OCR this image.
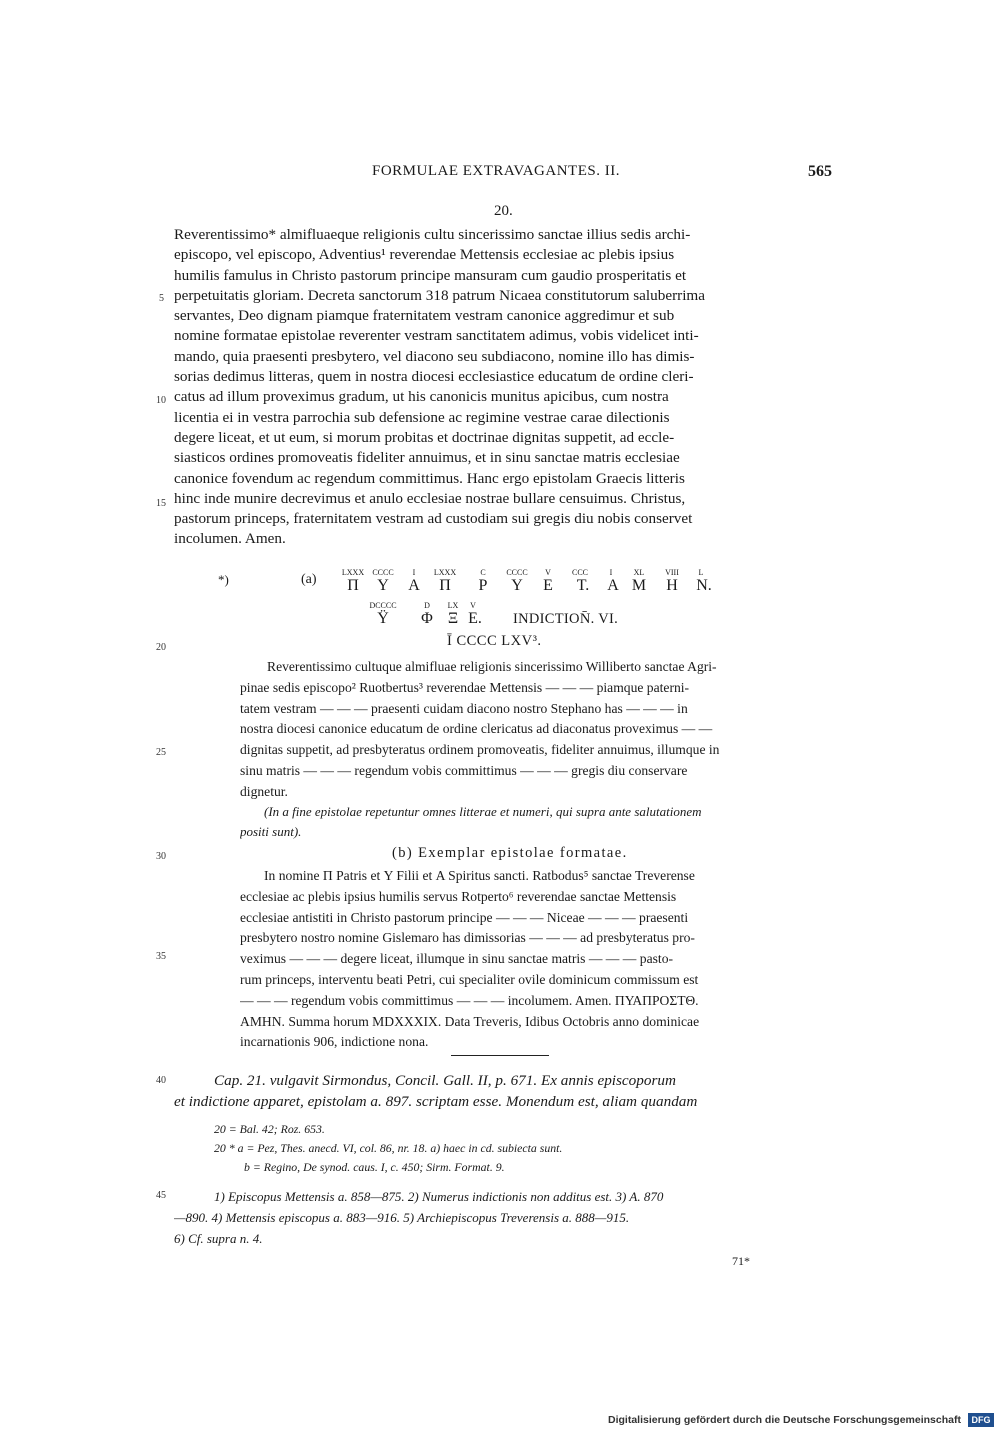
FORMULAE EXTRAVAGANTES. II.	565
20.
Reverentissimo* almifluaeque religionis cultu sincerissimo sanctae illius sedis archi-
episcopo, vel episcopo, Adventius¹ reverendae Mettensis ecclesiae ac plebis ipsius
humilis famulus in Christo pastorum principe mansuram cum gaudio prosperitatis et
perpetuitatis gloriam. Decreta sanctorum 318 patrum Nicaea constitutorum saluberrima
servantes, Deo dignam piamque fraternitatem vestram canonice aggredimur et sub
nomine formatae epistolae reverenter vestram sanctitatem adimus, vobis videlicet inti-
mando, quia praesenti presbytero, vel diacono seu subdiacono, nomine illo has dimis-
sorias dedimus litteras, quem in nostra diocesi ecclesiastice educatum de ordine cleri-
catus ad illum proveximus gradum, ut his canonicis munitus apicibus, cum nostra
licentia ei in vestra parrochia sub defensione ac regimine vestrae carae dilectionis
degere liceat, et ut eum, si morum probitas et doctrinae dignitas suppetit, ad eccle-
siasticos ordines promoveatis fideliter annuimus, et in sinu sanctae matris ecclesiae
canonice fovendum ac regendum committimus. Hanc ergo epistolam Graecis litteris
hinc inde munire decrevimus et anulo ecclesiae nostrae bullare censuimus. Christus,
pastorum princeps, fraternitatem vestram ad custodiam sui gregis diu nobis conservet
incolumen. Amen.
5
10
15
20
25
30
35
40
45
*)	(a)	LXXX
Π
CCCC
Υ
I
Α
LXXX
Π
C
Ρ
CCCC
Υ
V
Ε
CCC
Τ.
I
Α
XL
Μ
VIII
Η
L
Ν.
DCCCC
Ϋ
D
Φ
LX
Ξ
V
Ε.	INDICTION̄. VI.
Ī CCCC LXV³.
Reverentissimo cultuque almifluae religionis sincerissimo Williberto sanctae Agri-
pinae sedis episcopo² Ruotbertus³ reverendae Mettensis — — — piamque paterni-
tatem vestram — — — praesenti cuidam diacono nostro Stephano has — — — in
nostra diocesi canonice educatum de ordine clericatus ad diaconatus proveximus — —
dignitas suppetit, ad presbyteratus ordinem promoveatis, fideliter annuimus, illumque in
sinu matris — — — regendum vobis committimus — — — gregis diu conservare
dignetur.
(In a fine epistolae repetuntur omnes litterae et numeri, qui supra ante salutationem
positi sunt).
(b) Exemplar epistolae formatae.
In nomine Π Patris et Υ Filii et Α Spiritus sancti. Ratbodus⁵ sanctae Treverense
ecclesiae ac plebis ipsius humilis servus Rotperto⁶ reverendae sanctae Mettensis
ecclesiae antistiti in Christo pastorum principe — — — Niceae — — — praesenti
presbytero nostro nomine Gislemaro has dimissorias — — — ad presbyteratus pro-
veximus — — — degere liceat, illumque in sinu sanctae matris — — — pasto-
rum princeps, interventu beati Petri, cui specialiter ovile dominicum commissum est
— — — regendum vobis committimus — — — incolumem. Amen. ΠΥΑΠΡΟΣΤΘ.
ΑΜΗΝ. Summa horum MDXXXIX. Data Treveris, Idibus Octobris anno dominicae
incarnationis 906, indictione nona.
Cap. 21. vulgavit Sirmondus, Concil. Gall. II, p. 671. Ex annis episcoporum
et indictione apparet, epistolam a. 897. scriptam esse. Monendum est, aliam quandam
20 = Bal. 42; Roz. 653.
20 * a = Pez, Thes. anecd. VI, col. 86, nr. 18. a) haec in cd. subiecta sunt.
b = Regino, De synod. caus. I, c. 450; Sirm. Format. 9.
1) Episcopus Mettensis a. 858—875. 2) Numerus indictionis non additus est. 3) A. 870
—890. 4) Mettensis episcopus a. 883—916. 5) Archiepiscopus Treverensis a. 888—915.
6) Cf. supra n. 4.
71*
Digitalisierung gefördert durch die Deutsche Forschungsgemeinschaft	DFG
